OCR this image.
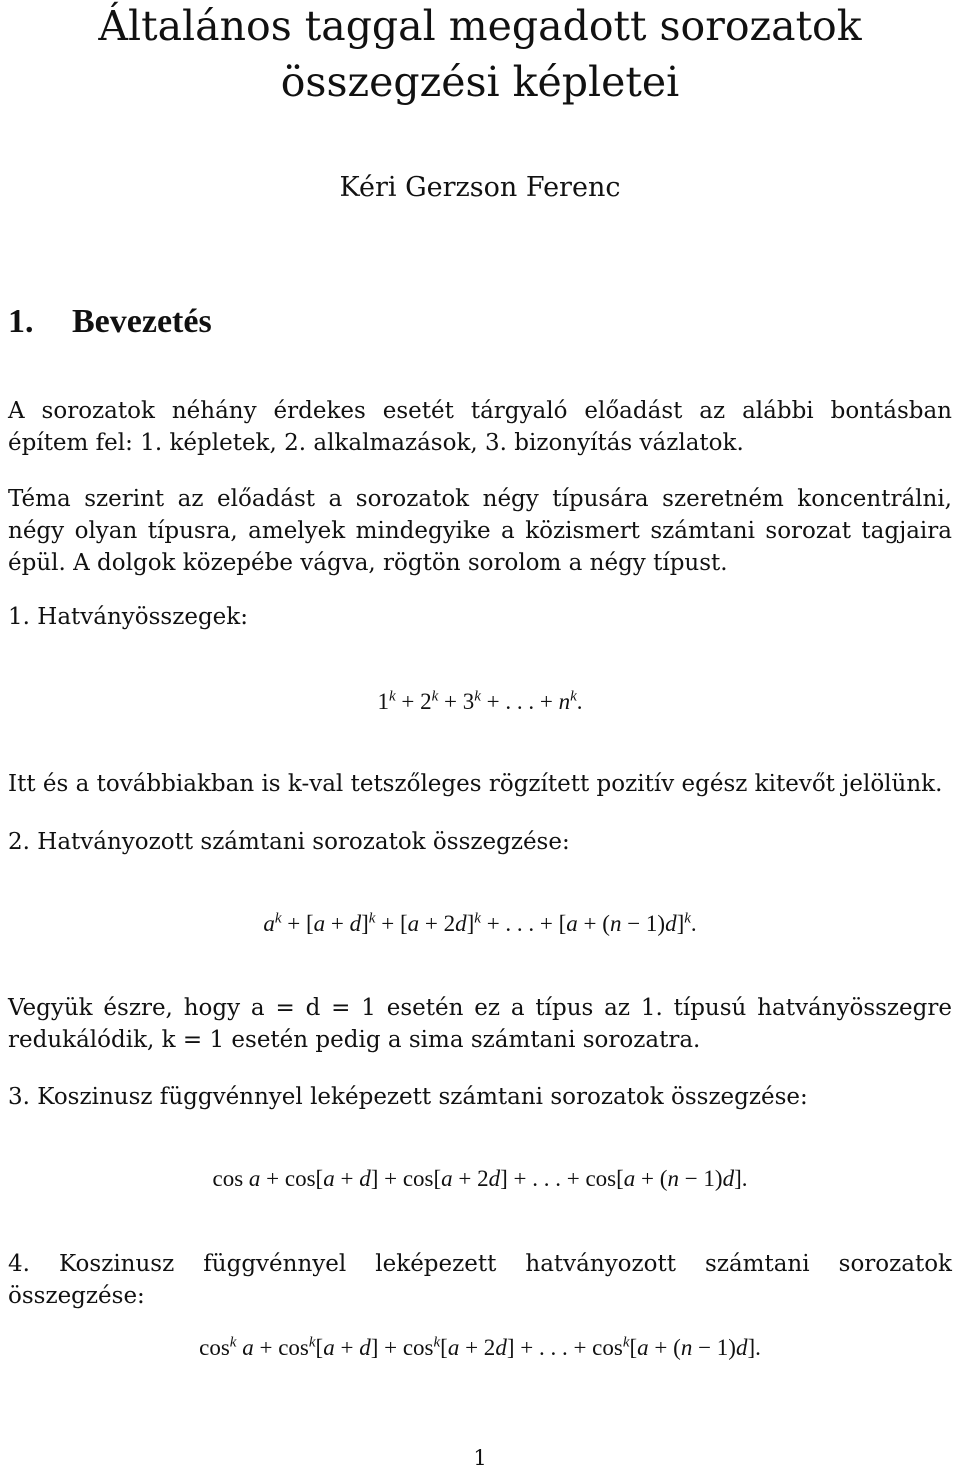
Általános taggal megadott sorozatok
összegzési képletei
Kéri Gerzson Ferenc
1. Bevezetés
A sorozatok néhány érdekes esetét tárgyaló előadást az alábbi bontásban építem fel: 1. képletek, 2. alkalmazások, 3. bizonyítás vázlatok.
Téma szerint az előadást a sorozatok négy típusára szeretném koncentrálni, négy olyan típusra, amelyek mindegyike a közismert számtani sorozat tagjaira épül. A dolgok közepébe vágva, rögtön sorolom a négy típust.
1. Hatványösszegek:
$1^k + 2^k + 3^k$ + . . . + $n^k$.
Itt és a továbbiakban is k-val tetszőleges rögzített pozitív egész kitevőt jelölünk.
2. Hatványozott számtani sorozatok összegzése:
$a^k + [a + d]^k + [a + 2d]^k$ + . . . + $[a + (n - 1)d]^k$.
Vegyük észre, hogy a = d = 1 esetén ez a típus az 1. típusú hatványösszegre redukálódik, k = 1 esetén pedig a sima számtani sorozatra.
3. Koszinusz függvénnyel leképezett számtani sorozatok összegzése:
cos a + cos[a + d] + cos[a + 2d] + . . . + cos[a + (n − 1)d].
4. Koszinusz függvénnyel leképezett hatványozott számtani sorozatok összegzése:
$\cos^k a + \cos^k[a + d] + \cos^k[a + 2d]$ + . . . + $\cos^k[a + (n - 1)d]$.
1
